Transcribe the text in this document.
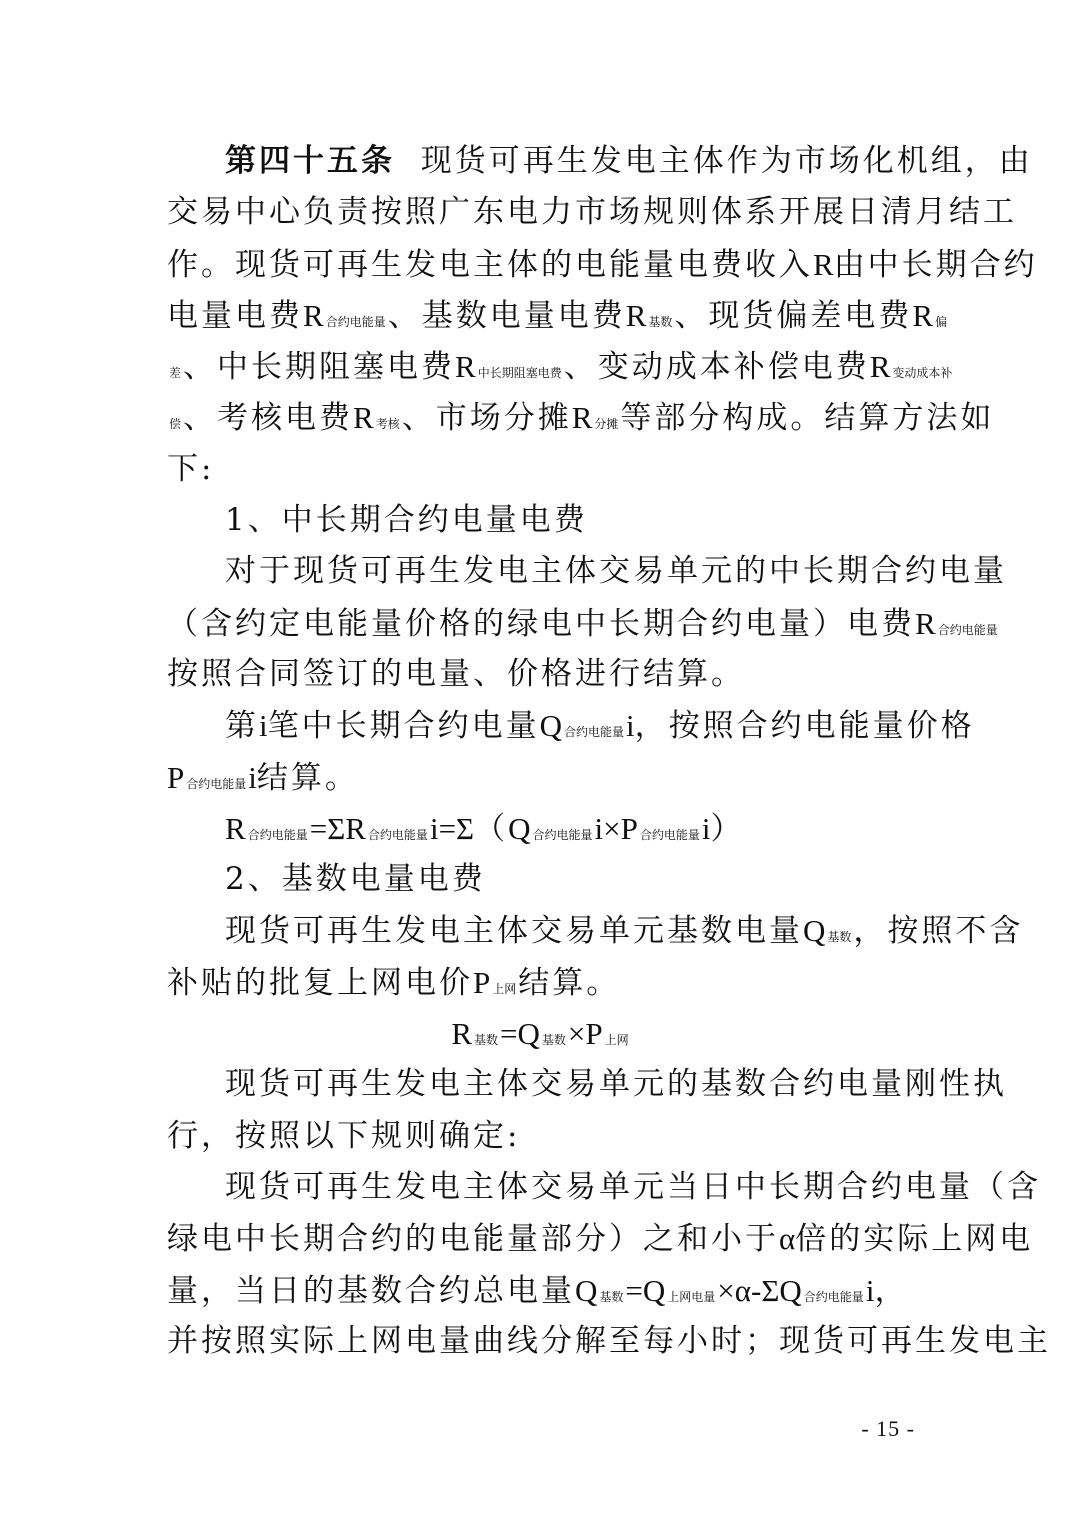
第四十五条 现货可再生发电主体作为市场化机组，由
交易中心负责按照广东电力市场规则体系开展日清月结工
作。现货可再生发电主体的电能量电费收入R由中长期合约
电量电费R 合约电能量、基数电量电费R 基数、现货偏差电费R 偏
差、中长期阻塞电费R 中长期阻塞电费、变动成本补偿电费R 变动成本补
偿、考核电费R 考核、市场分摊R 分摊等部分构成。结算方法如
下:
1、中长期合约电量电费
对于现货可再生发电主体交易单元的中长期合约电量
（含约定电能量价格的绿电中长期合约电量）电费R 合约电能量
按照合同签订的电量、价格进行结算。
第i笔中长期合约电量Q 合约电能量i，按照合约电能量价格
P合约电能量i结算。
R合约电能量=ΣR 合约电能量i=Σ（Q 合约电能量i×P 合约电能量i）
2、基数电量电费
现货可再生发电主体交易单元基数电量Q 基数，按照不含
补贴的批复上网电价P 上网结算。
R基数=Q 基数×P 上网
现货可再生发电主体交易单元的基数合约电量刚性执
行，按照以下规则确定:
现货可再生发电主体交易单元当日中长期合约电量（含
绿电中长期合约的电能量部分）之和小于α倍的实际上网电
量，当日的基数合约总电量Q 基数=Q 上网电量×α-ΣQ 合约电能量i，
并按照实际上网电量曲线分解至每小时；现货可再生发电主
- 15 -
